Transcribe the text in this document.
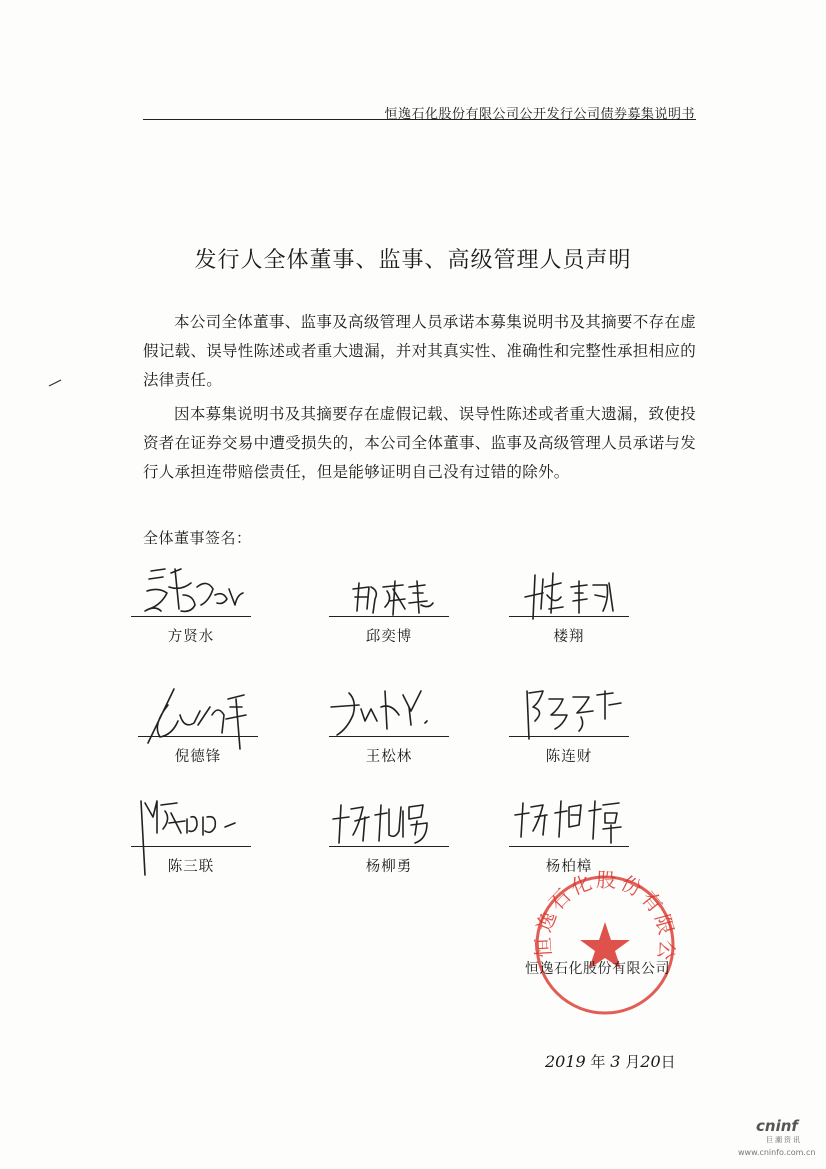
恒逸石化股份有限公司公开发行公司债券募集说明书
发行人全体董事、监事、高级管理人员声明

本公司全体董事、监事及高级管理人员承诺本募集说明书及其摘要不存在虚假记载、误导性陈述或者重大遗漏，并对其真实性、准确性和完整性承担相应的法律责任。

因本募集说明书及其摘要存在虚假记载、误导性陈述或者重大遗漏，致使投资者在证券交易中遭受损失的，本公司全体董事、监事及高级管理人员承诺与发行人承担连带赔偿责任，但是能够证明自己没有过错的除外。

全体董事签名：
方贤水	邱奕博	楼翔
倪德锋	王松林	陈连财
陈三联	杨柳勇	杨柏樟
恒逸石化股份有限公
恒逸石化股份有限公司
2019 年 3 月20日
cninf
巨潮资讯
www.cninfo.com.cn
